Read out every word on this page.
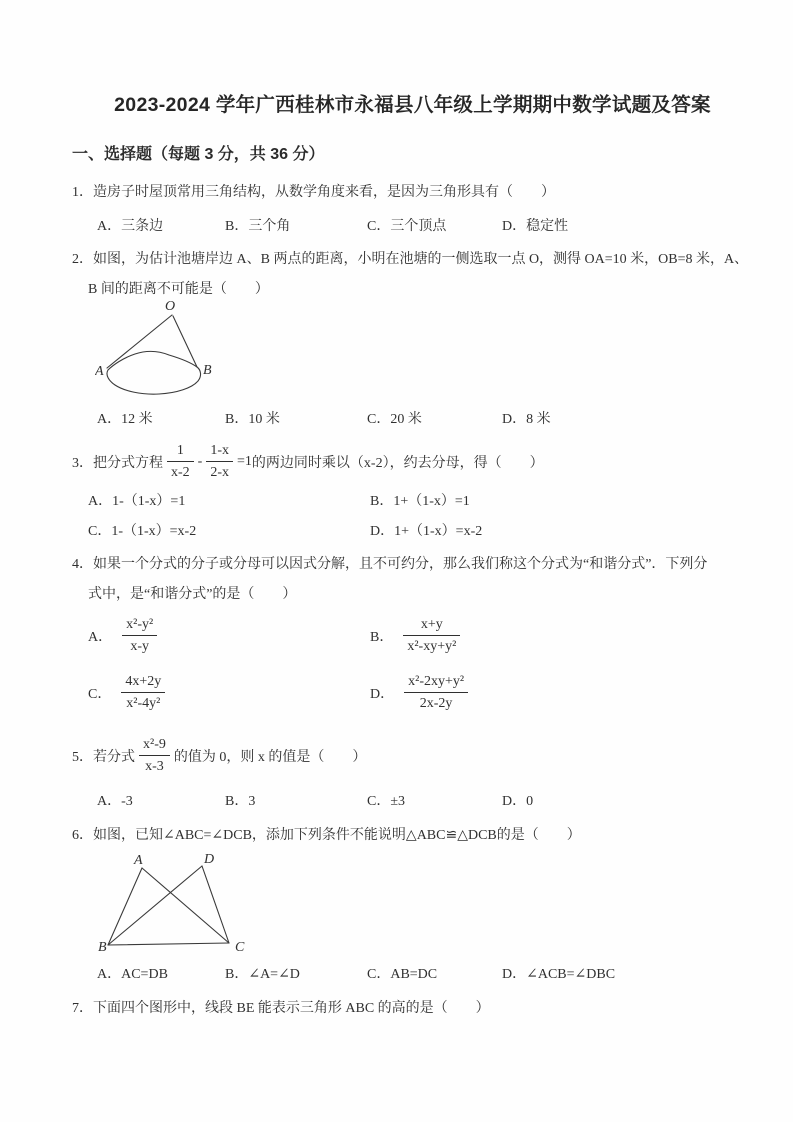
2023-2024 学年广西桂林市永福县八年级上学期期中数学试题及答案
一、选择题（每题 3 分，共 36 分）
1．造房子时屋顶常用三角结构，从数学角度来看，是因为三角形具有（　　）
A．三条边	B．三个角	C．三个顶点	D．稳定性
2．如图，为估计池塘岸边 A、B 两点的距离，小明在池塘的一侧选取一点 O，测得 OA=10 米，OB=8 米，A、
B 间的距离不可能是（　　）
O
A	B
A．12 米	B．10 米	C．20 米	D．8 米
3．把分式方程 $\frac{1}{x-2} - \frac{1-x}{2-x} =1$ 的两边同时乘以（x-2），约去分母，得（　　）
A．1-（1-x）=1	B．1+（1-x）=1
C．1-（1-x）=x-2	D．1+（1-x）=x-2
4．如果一个分式的分子或分母可以因式分解，且不可约分，那么我们称这个分式为“和谐分式”．下列分
式中，是“和谐分式”的是（　　）
A． $\frac{\text{x²-y²}}{x-y}$	B． $\frac{x+y}{\text{x²-xy+y²}}$
C． $\frac{4x+2y}{\text{x²-4y²}}$	D． $\frac{\text{x²-2xy+y²}}{2x-2y}$
5．若分式 $\frac{\text{x²-9}}{x-3}$ 的值为 0，则 x 的值是（　　）
A．-3	B．3	C．±3	D．0
6．如图，已知∠ABC=∠DCB，添加下列条件不能说明△ABC≌△DCB的是（　　）
A	D
B	C
A．AC=DB	B．∠A=∠D	C．AB=DC	D．∠ACB=∠DBC
7．下面四个图形中，线段 BE 能表示三角形 ABC 的高的是（　　）
